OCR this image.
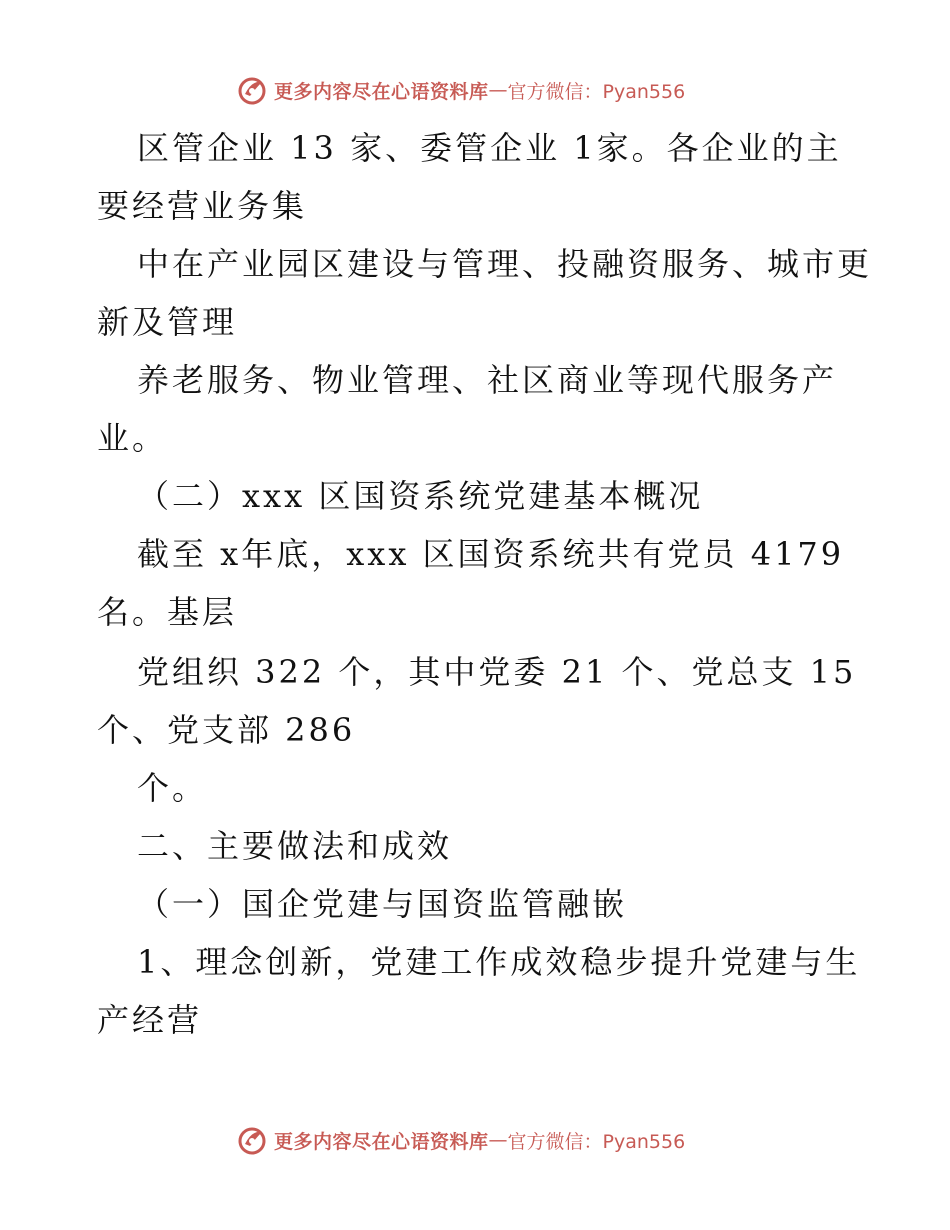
更多内容尽在心语资料库 — 官方微信：Pyan556
区管企业 13 家、委管企业 1家。各企业的主
要经营业务集
中在产业园区建设与管理、投融资服务、城市更
新及管理
养老服务、物业管理、社区商业等现代服务产
业。
（二）xxx 区国资系统党建基本概况
截至 x年底，xxx 区国资系统共有党员 4179
名。基层
党组织 322 个，其中党委 21 个、党总支 15
个、党支部 286
个。
二、主要做法和成效
（一）国企党建与国资监管融嵌
1、理念创新，党建工作成效稳步提升党建与生
产经营
更多内容尽在心语资料库 — 官方微信：Pyan556
